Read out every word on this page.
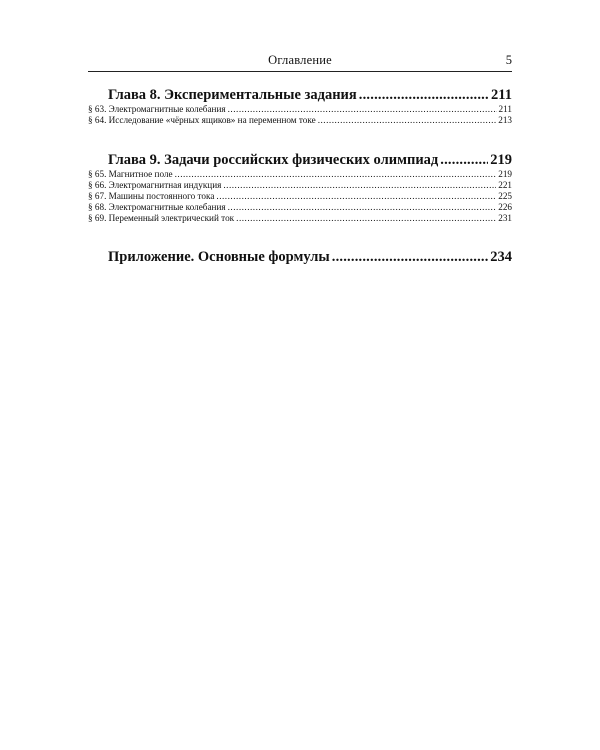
Оглавление	5
Глава 8. Экспериментальные задания .....	211
§ 63. Электромагнитные колебания .....	211
§ 64. Исследование «чёрных ящиков» на переменном токе .....	213
Глава 9. Задачи российских физических олимпиад .....	219
§ 65. Магнитное поле .....	219
§ 66. Электромагнитная индукция .....	221
§ 67. Машины постоянного тока .....	225
§ 68. Электромагнитные колебания .....	226
§ 69. Переменный электрический ток .....	231
Приложение. Основные формулы .....	234
